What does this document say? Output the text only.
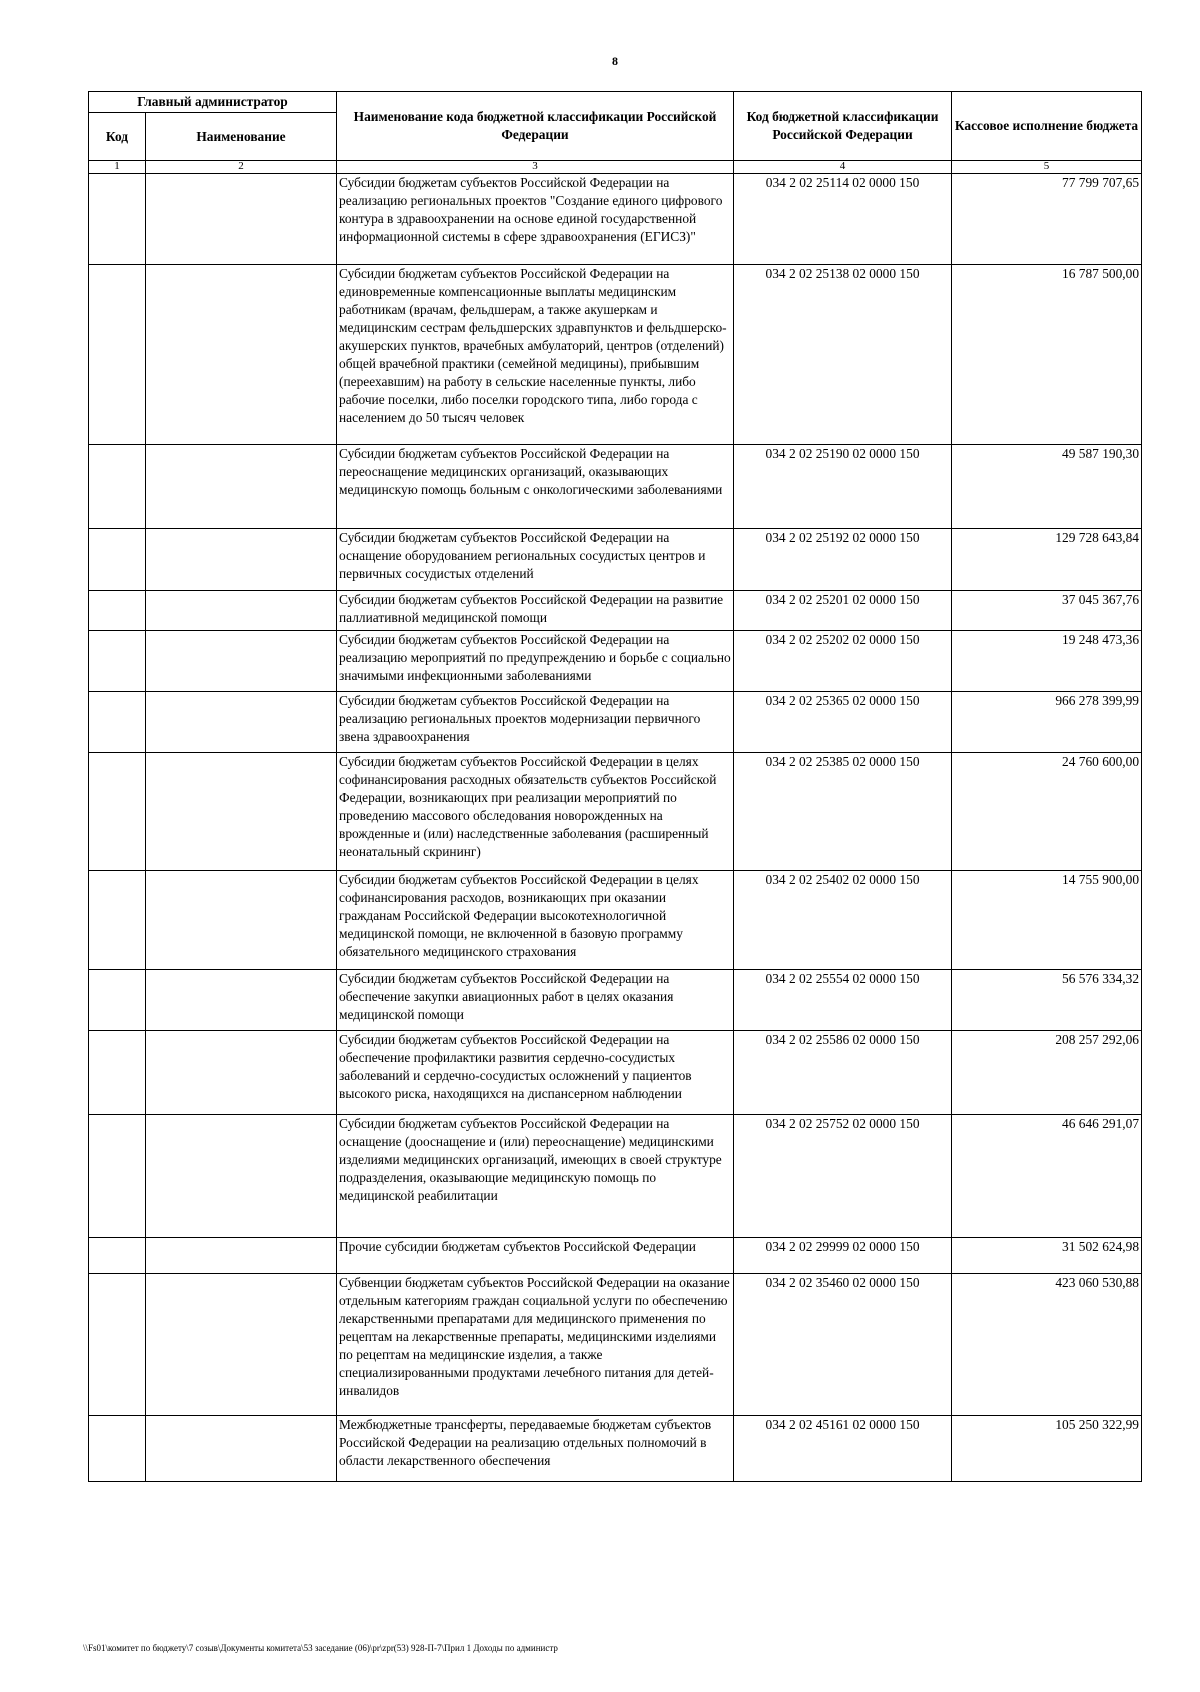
8
Главный администратор		Наименование кода бюджетной классификации Российской Федерации	Код бюджетной классификации Российской Федерации	Кассовое исполнение бюджета
Код	Наименование			
1	2	3	4	5
		Субсидии бюджетам субъектов Российской Федерации на реализацию региональных проектов "Создание единого цифрового контура в здравоохранении на основе единой государственной информационной системы в сфере здравоохранения (ЕГИСЗ)"	034 2 02 25114 02 0000 150	77 799 707,65
		Субсидии бюджетам субъектов Российской Федерации на единовременные компенсационные выплаты медицинским работникам (врачам, фельдшерам, а также акушеркам и медицинским сестрам фельдшерских здравпунктов и фельдшерско-акушерских пунктов, врачебных амбулаторий, центров (отделений) общей врачебной практики (семейной медицины), прибывшим (переехавшим) на работу в сельские населенные пункты, либо рабочие поселки, либо поселки городского типа, либо города с населением до 50 тысяч человек	034 2 02 25138 02 0000 150	16 787 500,00
		Субсидии бюджетам субъектов Российской Федерации на переоснащение медицинских организаций, оказывающих медицинскую помощь больным с онкологическими заболеваниями	034 2 02 25190 02 0000 150	49 587 190,30
		Субсидии бюджетам субъектов Российской Федерации на оснащение оборудованием региональных сосудистых центров и первичных сосудистых отделений	034 2 02 25192 02 0000 150	129 728 643,84
		Субсидии бюджетам субъектов Российской Федерации на развитие паллиативной медицинской помощи	034 2 02 25201 02 0000 150	37 045 367,76
		Субсидии бюджетам субъектов Российской Федерации на реализацию мероприятий по предупреждению и борьбе с социально значимыми инфекционными заболеваниями	034 2 02 25202 02 0000 150	19 248 473,36
		Субсидии бюджетам субъектов Российской Федерации на реализацию региональных проектов модернизации первичного звена здравоохранения	034 2 02 25365 02 0000 150	966 278 399,99
		Субсидии бюджетам субъектов Российской Федерации в целях софинансирования расходных обязательств субъектов Российской Федерации, возникающих при реализации мероприятий по проведению массового обследования новорожденных на врожденные и (или) наследственные заболевания (расширенный неонатальный скрининг)	034 2 02 25385 02 0000 150	24 760 600,00
		Субсидии бюджетам субъектов Российской Федерации в целях софинансирования расходов, возникающих при оказании гражданам Российской Федерации высокотехнологичной медицинской помощи, не включенной в базовую программу обязательного медицинского страхования	034 2 02 25402 02 0000 150	14 755 900,00
		Субсидии бюджетам субъектов Российской Федерации на обеспечение закупки авиационных работ в целях оказания медицинской помощи	034 2 02 25554 02 0000 150	56 576 334,32
		Субсидии бюджетам субъектов Российской Федерации на обеспечение профилактики развития сердечно-сосудистых заболеваний и сердечно-сосудистых осложнений у пациентов высокого риска, находящихся на диспансерном наблюдении	034 2 02 25586 02 0000 150	208 257 292,06
		Субсидии бюджетам субъектов Российской Федерации на оснащение (дооснащение и (или) переоснащение) медицинскими изделиями медицинских организаций, имеющих в своей структуре подразделения, оказывающие медицинскую помощь по медицинской реабилитации	034 2 02 25752 02 0000 150	46 646 291,07
		Прочие субсидии бюджетам субъектов Российской Федерации	034 2 02 29999 02 0000 150	31 502 624,98
		Субвенции бюджетам субъектов Российской Федерации на оказание отдельным категориям граждан социальной услуги по обеспечению лекарственными препаратами для медицинского применения по рецептам на лекарственные препараты, медицинскими изделиями по рецептам на медицинские изделия, а также специализированными продуктами лечебного питания для детей-инвалидов	034 2 02 35460 02 0000 150	423 060 530,88
		Межбюджетные трансферты, передаваемые бюджетам субъектов Российской Федерации на реализацию отдельных полномочий в области лекарственного обеспечения	034 2 02 45161 02 0000 150	105 250 322,99
\\Fs01\комитет по бюджету\7 созыв\Документы комитета\53 заседание (06)\pr\zpr(53) 928-П-7\Прил 1 Доходы по администр
